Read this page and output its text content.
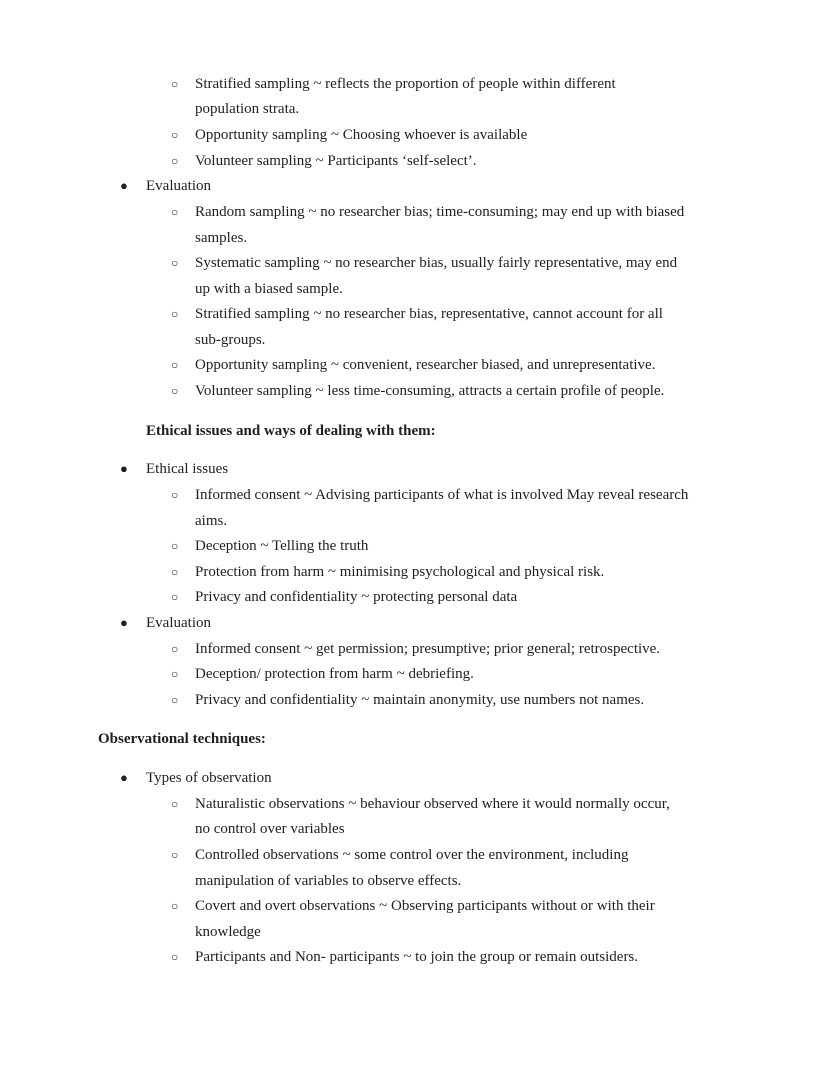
○ Stratified sampling ~ reflects the proportion of people within different
population strata.
○ Opportunity sampling ~ Choosing whoever is available
○ Volunteer sampling ~ Participants ‘self-select’.
● Evaluation
○ Random sampling ~ no researcher bias; time-consuming; may end up with biased
samples.
○ Systematic sampling ~ no researcher bias, usually fairly representative, may end
up with a biased sample.
○ Stratified sampling ~ no researcher bias, representative, cannot account for all
sub-groups.
○ Opportunity sampling ~ convenient, researcher biased, and unrepresentative.
○ Volunteer sampling ~ less time-consuming, attracts a certain profile of people.
Ethical issues and ways of dealing with them:
● Ethical issues
○ Informed consent ~ Advising participants of what is involved May reveal research
aims.
○ Deception ~ Telling the truth
○ Protection from harm ~ minimising psychological and physical risk.
○ Privacy and confidentiality ~ protecting personal data
● Evaluation
○ Informed consent ~ get permission; presumptive; prior general; retrospective.
○ Deception/ protection from harm ~ debriefing.
○ Privacy and confidentiality ~ maintain anonymity, use numbers not names.
Observational techniques:
● Types of observation
○ Naturalistic observations ~ behaviour observed where it would normally occur,
no control over variables
○ Controlled observations ~ some control over the environment, including
manipulation of variables to observe effects.
○ Covert and overt observations ~ Observing participants without or with their
knowledge
○ Participants and Non- participants ~ to join the group or remain outsiders.
